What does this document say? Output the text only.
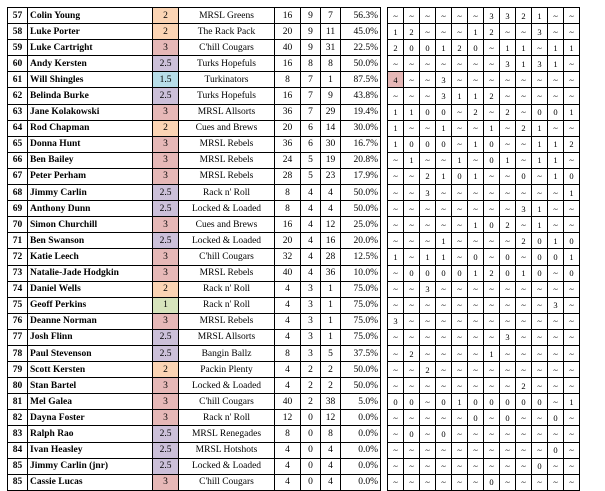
57	Colin Young	2	MRSL Greens	16	9	7	56.3%		~	~	~	~	~	~	3	3	2	1	~	~
58	Luke Porter	2	The Rack Pack	20	9	11	45.0%		1	2	~	~	~	1	2	~	~	3	~	~
59	Luke Cartright	3	C'hill Cougars	40	9	31	22.5%		2	0	0	1	2	0	~	1	1	~	1	1
60	Andy Kersten	2.5	Turks Hopefuls	16	8	8	50.0%		~	~	~	~	~	~	~	3	1	3	1	~
61	Will Shingles	1.5	Turkinators	8	7	1	87.5%		4	~	~	3	~	~	~	~	~	~	~	~
62	Belinda Burke	2.5	Turks Hopefuls	16	7	9	43.8%		~	~	~	3	1	1	2	~	~	~	~	~
63	Jane Kolakowski	3	MRSL Allsorts	36	7	29	19.4%		1	1	0	0	~	2	~	2	~	0	0	1
64	Rod Chapman	2	Cues and Brews	20	6	14	30.0%		1	~	~	1	~	~	1	~	2	1	~	~
65	Donna Hunt	3	MRSL Rebels	36	6	30	16.7%		1	0	0	0	~	1	0	~	~	1	1	2
66	Ben Bailey	3	MRSL Rebels	24	5	19	20.8%		~	1	~	~	1	~	0	1	~	1	1	~
67	Peter Perham	3	MRSL Rebels	28	5	23	17.9%		~	~	2	1	0	1	~	~	0	~	1	0
68	Jimmy Carlin	2.5	Rack n' Roll	8	4	4	50.0%		~	~	3	~	~	~	~	~	~	~	~	1
69	Anthony Dunn	2.5	Locked & Loaded	8	4	4	50.0%		~	~	~	~	~	~	~	~	3	1	~	~
70	Simon Churchill	3	Cues and Brews	16	4	12	25.0%		~	~	~	~	~	1	0	2	~	1	~	~
71	Ben Swanson	2.5	Locked & Loaded	20	4	16	20.0%		~	~	~	1	~	~	~	~	2	0	1	0
72	Katie Leech	3	C'hill Cougars	32	4	28	12.5%		1	~	1	1	~	0	~	0	~	0	0	1
73	Natalie-Jade Hodgkin	3	MRSL Rebels	40	4	36	10.0%		~	0	0	0	0	1	2	0	1	0	~	0
74	Daniel Wells	2	Rack n' Roll	4	3	1	75.0%		~	~	3	~	~	~	~	~	~	~	~	~
75	Geoff Perkins	1	Rack n' Roll	4	3	1	75.0%		~	~	~	~	~	~	~	~	~	~	3	~
76	Deanne Norman	3	MRSL Rebels	4	3	1	75.0%		3	~	~	~	~	~	~	~	~	~	~	~
77	Josh Flinn	2.5	MRSL Allsorts	4	3	1	75.0%		~	~	~	~	~	~	~	3	~	~	~	~
78	Paul Stevenson	2.5	Bangin Ballz	8	3	5	37.5%		~	2	~	~	~	~	1	~	~	~	~	~
79	Scott Kersten	2	Packin Plenty	4	2	2	50.0%		~	~	2	~	~	~	~	~	~	~	~	~
80	Stan Bartel	3	Locked & Loaded	4	2	2	50.0%		~	~	~	~	~	~	~	~	2	~	~	~
81	Mel Galea	3	C'hill Cougars	40	2	38	5.0%		0	0	~	0	1	0	0	0	0	0	~	1
82	Dayna Foster	3	Rack n' Roll	12	0	12	0.0%		~	~	~	~	~	0	~	0	~	~	0	~
83	Ralph Rao	2.5	MRSL Renegades	8	0	8	0.0%		~	0	~	0	~	~	~	~	~	~	~	~
84	Ivan Heasley	2.5	MRSL Hotshots	4	0	4	0.0%		~	~	~	~	~	~	~	~	~	~	0	~
85	Jimmy Carlin (jnr)	2.5	Locked & Loaded	4	0	4	0.0%		~	~	~	~	~	~	~	~	~	0	~	~
85	Cassie Lucas	3	C'hill Cougars	4	0	4	0.0%		~	~	~	~	~	~	0	~	~	~	~	~
